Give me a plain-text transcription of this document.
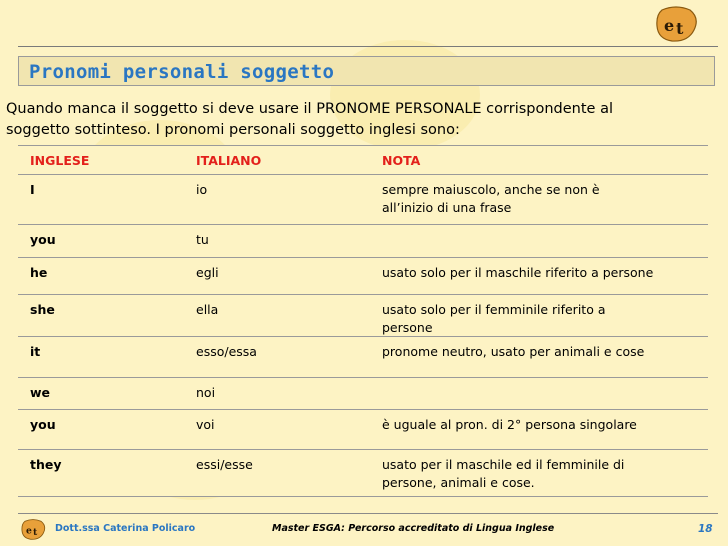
e t
Pronomi personali soggetto
Quando manca il soggetto si deve usare il PRONOME PERSONALE corrispondente al
soggetto sottinteso. I pronomi personali soggetto inglesi sono:
INGLESE	ITALIANO	NOTA
I	io	sempre maiuscolo, anche se non è
all’inizio di una frase
you	tu
he	egli	usato solo per il maschile riferito a persone
she	ella	usato solo per il femminile riferito a
persone
it	esso/essa	pronome neutro, usato per animali e cose
we	noi
you	voi	è uguale al pron. di 2° persona singolare
they	essi/esse	usato per il maschile ed il femminile di
persone, animali e cose.
e t Dott.ssa Caterina Policaro	Master ESGA: Percorso accreditato di Lingua Inglese	18
